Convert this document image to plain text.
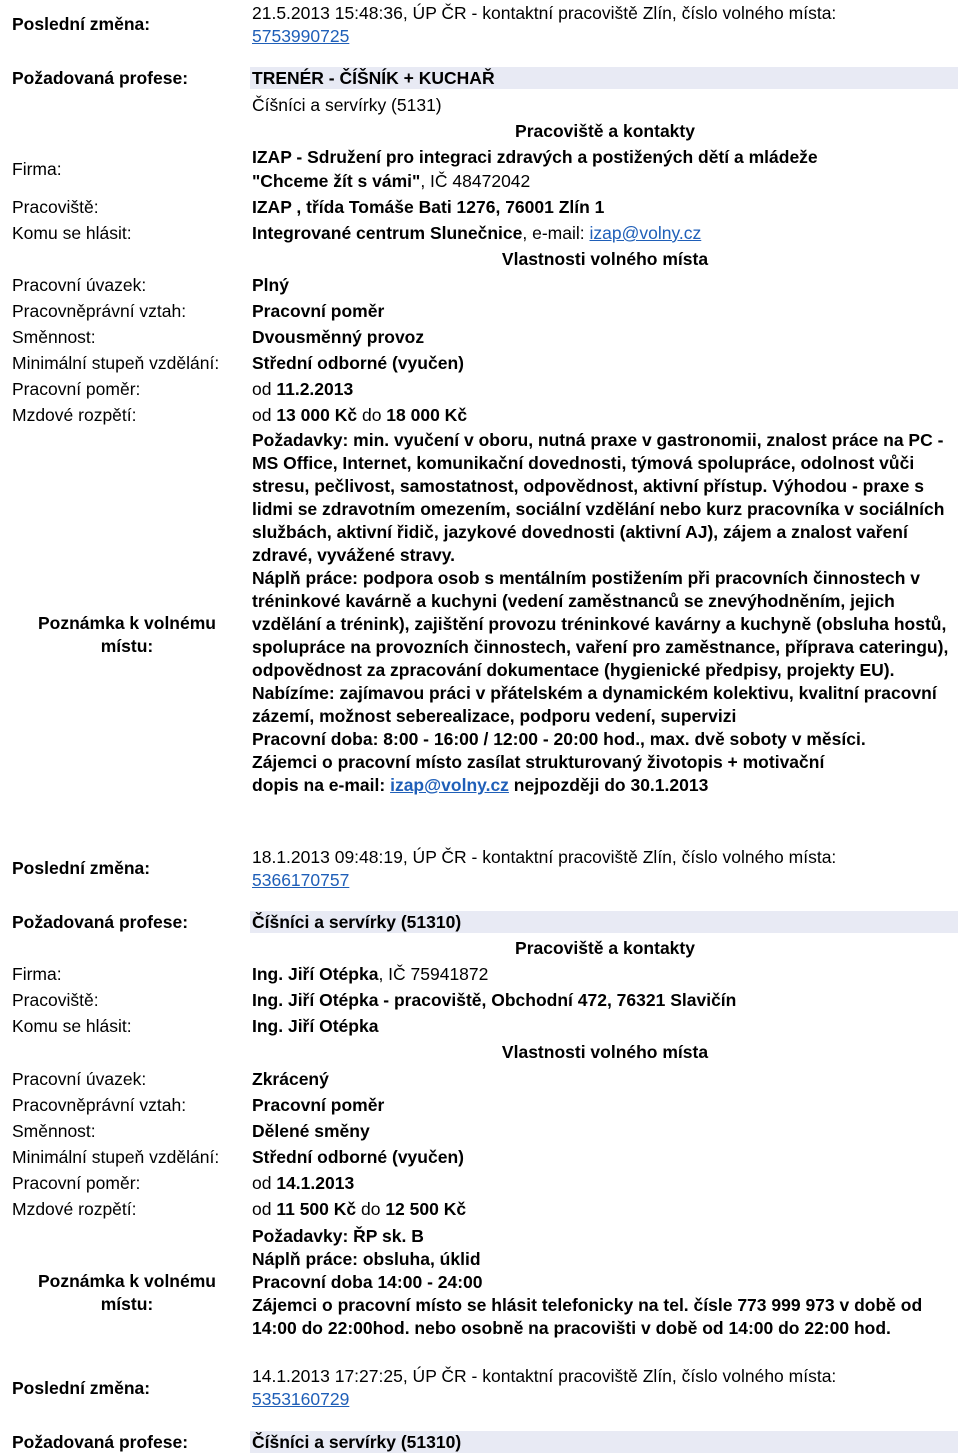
Poslední změna:
21.5.2013 15:48:36, ÚP ČR - kontaktní pracoviště Zlín, číslo volného místa:
5753990725
Požadovaná profese:	TRENÉR - ČÍŠNÍK + KUCHAŘ
Číšníci a servírky (5131)
Pracoviště a kontakty
Firma:
IZAP - Sdružení pro integraci zdravých a postižených dětí a mládeže
"Chceme žít s vámi", IČ 48472042
Pracoviště:	IZAP , třída Tomáše Bati 1276, 76001 Zlín 1
Komu se hlásit:	Integrované centrum Slunečnice, e-mail: izap@volny.cz
Vlastnosti volného místa
Pracovní úvazek:	Plný
Pracovněprávní vztah:	Pracovní poměr
Směnnost:	Dvousměnný provoz
Minimální stupeň vzdělání: Střední odborné (vyučen)
Pracovní poměr:	od 11.2.2013
Mzdové rozpětí:	od 13 000 Kč do 18 000 Kč
Poznámka k volnému
místu:

Požadavky: min. vyučení v oboru, nutná praxe v gastronomii, znalost práce na PC - MS Office, Internet, komunikační dovednosti, týmová spolupráce, odolnost vůči stresu, pečlivost, samostatnost, odpovědnost, aktivní přístup. Výhodou - praxe s lidmi se zdravotním omezením, sociální vzdělání nebo kurz pracovníka v sociálních službách, aktivní řidič, jazykové dovednosti (aktivní AJ), zájem a znalost vaření zdravé, vyvážené stravy.

Náplň práce: podpora osob s mentálním postižením při pracovních činnostech v tréninkové kavárně a kuchyni (vedení zaměstnanců se znevýhodněním, jejich vzdělání a trénink), zajištění provozu tréninkové kavárny a kuchyně (obsluha hostů, spolupráce na provozních činnostech, vaření pro zaměstnance, příprava cateringu), odpovědnost za zpracování dokumentace (hygienické předpisy, projekty EU).

Nabízíme: zajímavou práci v přátelském a dynamickém kolektivu, kvalitní pracovní zázemí, možnost seberealizace, podporu vedení, supervizi

Pracovní doba: 8:00 - 16:00 / 12:00 - 20:00 hod., max. dvě soboty v měsíci.

Zájemci o pracovní místo zasílat strukturovaný životopis + motivační

dopis na e-mail: izap@volny.cz nejpozději do 30.1.2013

Poslední změna:
18.1.2013 09:48:19, ÚP ČR - kontaktní pracoviště Zlín, číslo volného místa:
5366170757
Požadovaná profese:	Číšníci a servírky (51310)
Pracoviště a kontakty
Firma:	Ing. Jiří Otépka, IČ 75941872
Pracoviště:	Ing. Jiří Otépka - pracoviště, Obchodní 472, 76321 Slavičín
Komu se hlásit:	Ing. Jiří Otépka
Vlastnosti volného místa
Pracovní úvazek:	Zkrácený
Pracovněprávní vztah:	Pracovní poměr
Směnnost:	Dělené směny
Minimální stupeň vzdělání: Střední odborné (vyučen)
Pracovní poměr:	od 14.1.2013
Mzdové rozpětí:	od 11 500 Kč do 12 500 Kč
Poznámka k volnému
místu:

Požadavky: ŘP sk. B

Náplň práce: obsluha, úklid

Pracovní doba 14:00 - 24:00

Zájemci o pracovní místo se hlásit telefonicky na tel. čísle 773 999 973 v době od 14:00 do 22:00hod. nebo osobně na pracovišti v době od 14:00 do 22:00 hod.

Poslední změna:
14.1.2013 17:27:25, ÚP ČR - kontaktní pracoviště Zlín, číslo volného místa:
5353160729
Požadovaná profese:	Číšníci a servírky (51310)
